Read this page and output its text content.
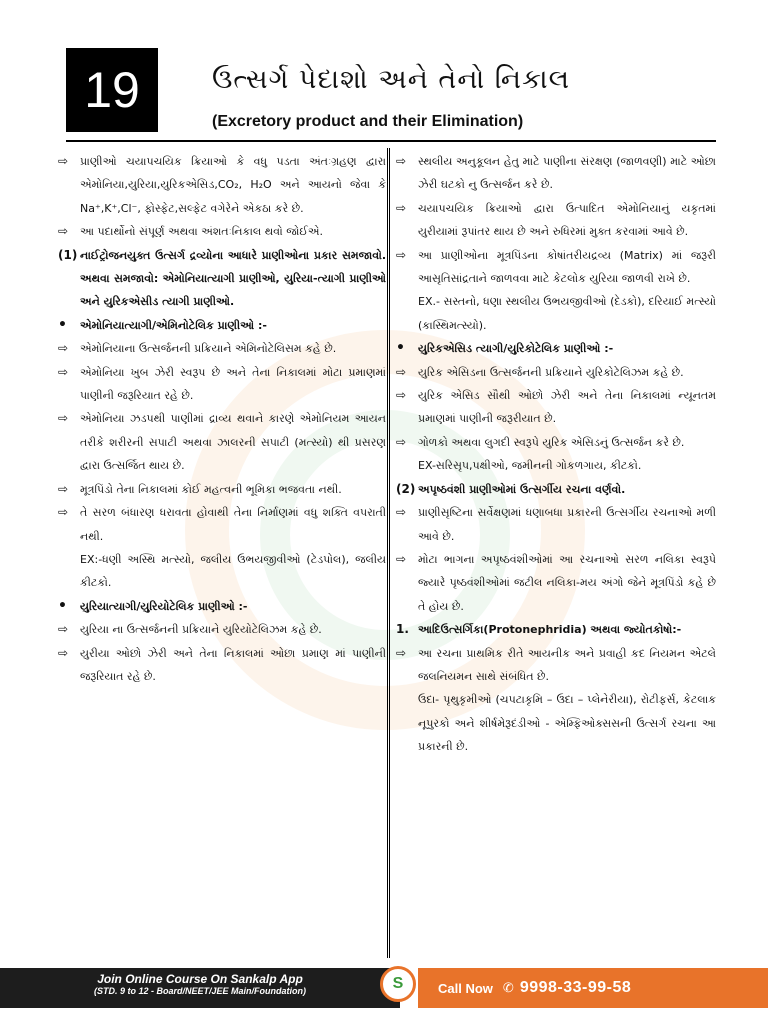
19	ઉત્સર્ગ પેદાશો અને તેનો નિકાલ
(Excretory product and their Elimination)
⇨	પ્રાણીઓ ચયાપચયિક ક્રિયાઓ કે વધુ પડતા અંતઃગ્રહણ દ્વારા એમોનિયા,યુરિયા,યુરિકએસિડ,CO₂, H₂O અને આયનો જેવા કે Na⁺,K⁺,Cl⁻, ફોસ્ફેટ,સલ્ફેટ વગેરેને એકઠા કરે છે.
⇨	આ પદાર્થોનો સંપૂર્ણ અથવા અંશતઃનિકાલ થવો જોઈએ.
(1) નાઈટ્રોજનયુક્ત ઉત્સર્ગ દ્રવ્યોના આધારે પ્રાણીઓના પ્રકાર સમજાવો. અથવા સમજાવો: એમોનિયાત્યાગી પ્રાણીઓ, યુરિયા-ત્યાગી પ્રાણીઓ અને યુરિકએસીડ ત્યાગી પ્રાણીઓ.
•	એમોનિયાત્યાગી/એમિનોટેલિક પ્રાણીઓ :-
⇨	એમોનિયાના ઉત્સર્જનની પ્રક્રિયાને એમિનોટેલિસમ કહે છે.
⇨	એમોનિયા ખુબ ઝેરી સ્વરૂપ છે અને તેના નિકાલમાં મોટા પ્રમાણમાં પાણીની જરૂરિયાત રહે છે.
⇨	એમોનિયા ઝડપથી પાણીમાં દ્રાવ્ય થવાને કારણે એમોનિયમ આયન તરીકે શરીરની સપાટી અથવા ઝાલરની સપાટી (મત્સ્યો) થી પ્રસરણ દ્વારા ઉત્સર્જિત થાય છે.
⇨	મૂત્રપિંડો તેના નિકાલમાં કોઈ મહત્વની ભૂમિકા ભજવતા નથી.
⇨	તે સરળ બંધારણ ધરાવતા હોવાથી તેના નિર્માણમાં વધુ શક્તિ વપરાતી નથી.
EX:-ધણી અસ્થિ મત્સ્યો, જલીય ઉભયજીવીઓ (ટેડપોલ), જલીય કીટકો.
•	યુરિયાત્યાગી/યુરિયોટેલિક પ્રાણીઓ :-
⇨	યુરિયા ના ઉત્સર્જનની પ્રક્રિયાને યુરિયોટેલિઝમ કહે છે.
⇨	યુરીયા ઓછો ઝેરી અને તેના નિકાલમાં ઓછા પ્રમાણ માં પાણીની જરૂરિયાત રહે છે.
⇨	સ્થલીય અનુકૂલન હેતુ માટે પાણીના સંરક્ષણ (જાળવણી) માટે ઓછા ઝેરી ઘટકો નુ ઉત્સર્જન કરે છે.
⇨	ચયાપચયિક ક્રિયાઓ દ્વારા ઉત્પાદિત એમોનિયાનું યકૃતમાં યુરીયામાં રૂપાંતર થાય છે અને રુધિરમાં મુક્ત કરવામાં આવે છે.
⇨	આ પ્રાણીઓના મૂત્રપિંડના કોષાંતરીયદ્રવ્ય (Matrix) માં જરૂરી આસૃતિસાંદ્રતાને જાળવવા માટે કેટલોક યુરિયા જાળવી રાખે છે.
EX.- સસ્તનો, ધણા સ્થલીય ઉભયજીવીઓ (દેડકો), દરિયાઈ મત્સ્યો (કાસ્થિમત્સ્યો).
•	યુરિકએસિડ ત્યાગી/યુરિકોટેલિક પ્રાણીઓ :-
⇨	યુરિક એસિડના ઉત્સર્જનની પ્રક્રિયાને યુરિકોટેલિઝમ કહે છે.
⇨	યુરિક એસિડ સૌથી ઓછો ઝેરી અને તેના નિકાલમાં ન્યૂનતમ પ્રમાણમાં પાણીની જરૂરીયાત છે.
⇨	ગોળકો અથવા લુગદી સ્વરૂપે યુરિક એસિડનું ઉત્સર્જન કરે છે.
EX-સરિસૃપ,પક્ષીઓ, જમીનની ગોકળગાય, કીટકો.
(2) અપૃષ્ઠવંશી પ્રાણીઓમાં ઉત્સર્ગીય રચના વર્ણવો.
⇨	પ્રાણીસૃષ્ટિના સર્વેક્ષણમાં ધણાબધા પ્રકારની ઉત્સર્ગીય રચનાઓ મળી આવે છે.
⇨	મોટા ભાગના અપૃષ્ઠવંશીઓમાં આ રચનાઓ સરળ નલિકા સ્વરૂપે જ્યારે પૃષ્ઠવંશીઓમાં જટીલ નલિકા-મય અંગો જેને મૂત્રપિંડો કહે છે તે હોય છે.
1. આદિઉત્સર્ગિકા(Protonephridia) અથવા જ્યોતકોષો:-
⇨	આ રચના પ્રાથમિક રીતે આયનીક અને પ્રવાહી કદ નિયમન એટલે જલનિયમન સાથે સંબંધિત છે.
ઉદા- પૃથુકૃમીઓ (ચપટાકૃમિ – ઉદા – પ્લેનેરીયા), રોટીફર્સ, કેટલાક નૂપુરકો અને શીર્ષમેરૂદંડીઓ - એમ્ફિઓક્સસની ઉત્સર્ગ રચના આ પ્રકારની છે.
Join Online Course On Sankalp App
(STD. 9 to 12 - Board/NEET/JEE Main/Foundation)	S	Call Now ✆ 9998-33-99-58
